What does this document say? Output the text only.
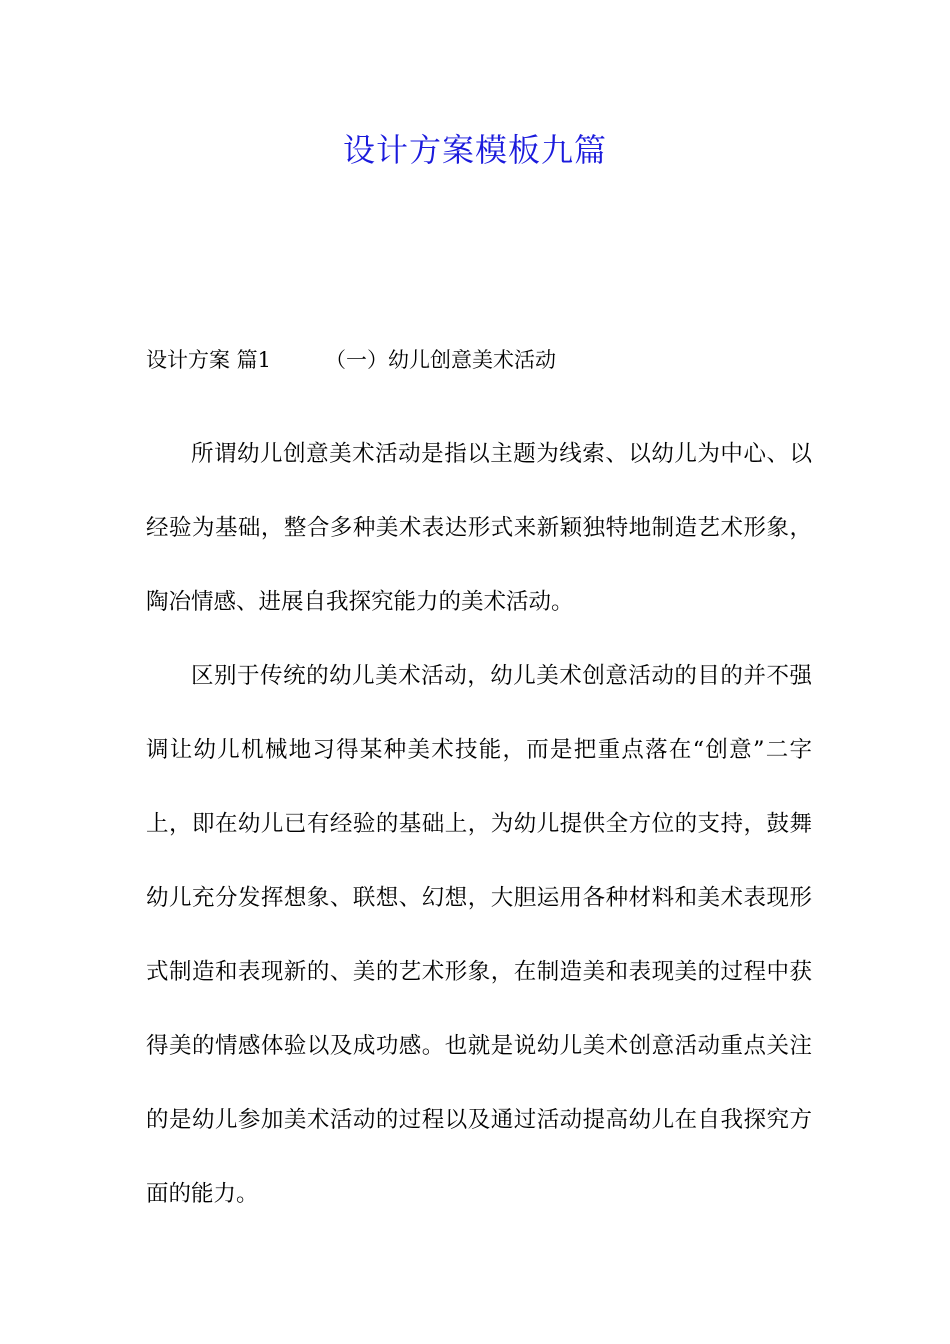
设计方案模板九篇
设计方案 篇1	（一）幼儿创意美术活动

所谓幼儿创意美术活动是指以主题为线索、以幼儿为中心、以经验为基础，整合多种美术表达形式来新颖独特地制造艺术形象，陶冶情感、进展自我探究能力的美术活动。

区别于传统的幼儿美术活动，幼儿美术创意活动的目的并不强调让幼儿机械地习得某种美术技能，而是把重点落在“创意”二字上，即在幼儿已有经验的基础上，为幼儿提供全方位的支持，鼓舞幼儿充分发挥想象、联想、幻想，大胆运用各种材料和美术表现形式制造和表现新的、美的艺术形象，在制造美和表现美的过程中获得美的情感体验以及成功感。也就是说幼儿美术创意活动重点关注的是幼儿参加美术活动的过程以及通过活动提高幼儿在自我探究方面的能力。
